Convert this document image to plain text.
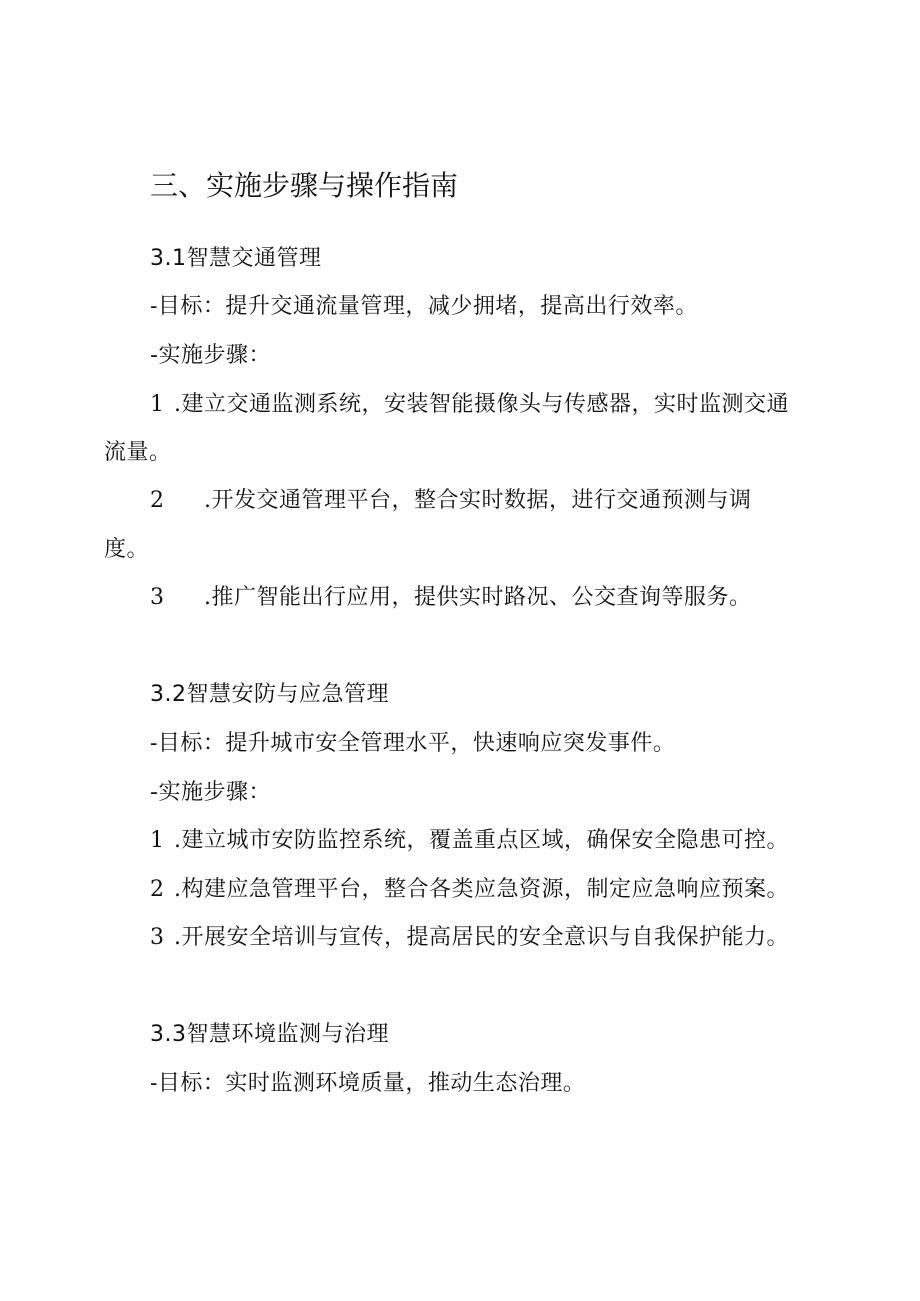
三、实施步骤与操作指南
3.1智慧交通管理
-目标：提升交通流量管理，减少拥堵，提高出行效率。
-实施步骤：
1 .建立交通监测系统，安装智能摄像头与传感器，实时监测交通
流量。
2 .开发交通管理平台，整合实时数据，进行交通预测与调
度。
3 .推广智能出行应用，提供实时路况、公交查询等服务。
3.2智慧安防与应急管理
-目标：提升城市安全管理水平，快速响应突发事件。
-实施步骤：
1 .建立城市安防监控系统，覆盖重点区域，确保安全隐患可控。
2 .构建应急管理平台，整合各类应急资源，制定应急响应预案。
3 .开展安全培训与宣传，提高居民的安全意识与自我保护能力。
3.3智慧环境监测与治理
-目标：实时监测环境质量，推动生态治理。
